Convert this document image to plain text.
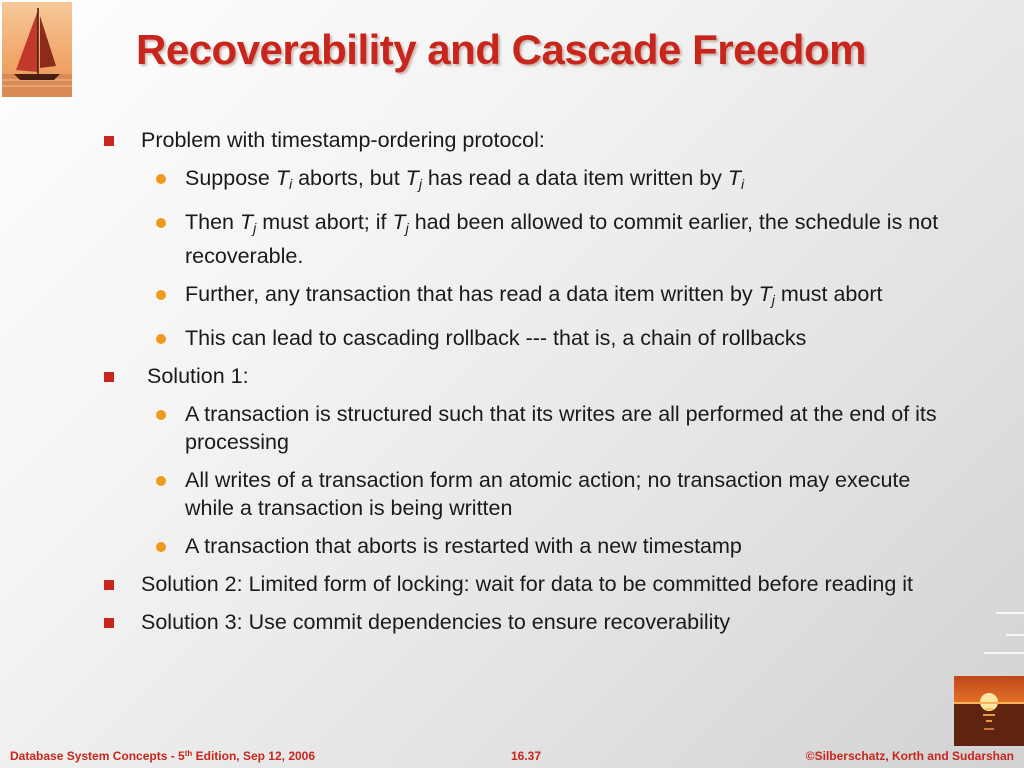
Recoverability and Cascade Freedom
Problem with timestamp-ordering protocol:
Suppose $T_i$ aborts, but $T_j$ has read a data item written by $T_i$
Then $T_j$ must abort; if $T_j$ had been allowed to commit earlier, the schedule is not recoverable.
Further, any transaction that has read a data item written by $T_j$ must abort
This can lead to cascading rollback --- that is, a chain of rollbacks
Solution 1:
A transaction is structured such that its writes are all performed at the end of its processing
All writes of a transaction form an atomic action; no transaction may execute while a transaction is being written
A transaction that aborts is restarted with a new timestamp
Solution 2: Limited form of locking: wait for data to be committed before reading it
Solution 3: Use commit dependencies to ensure recoverability
Database System Concepts - 5th Edition, Sep 12, 2006	16.37	©Silberschatz, Korth and Sudarshan
